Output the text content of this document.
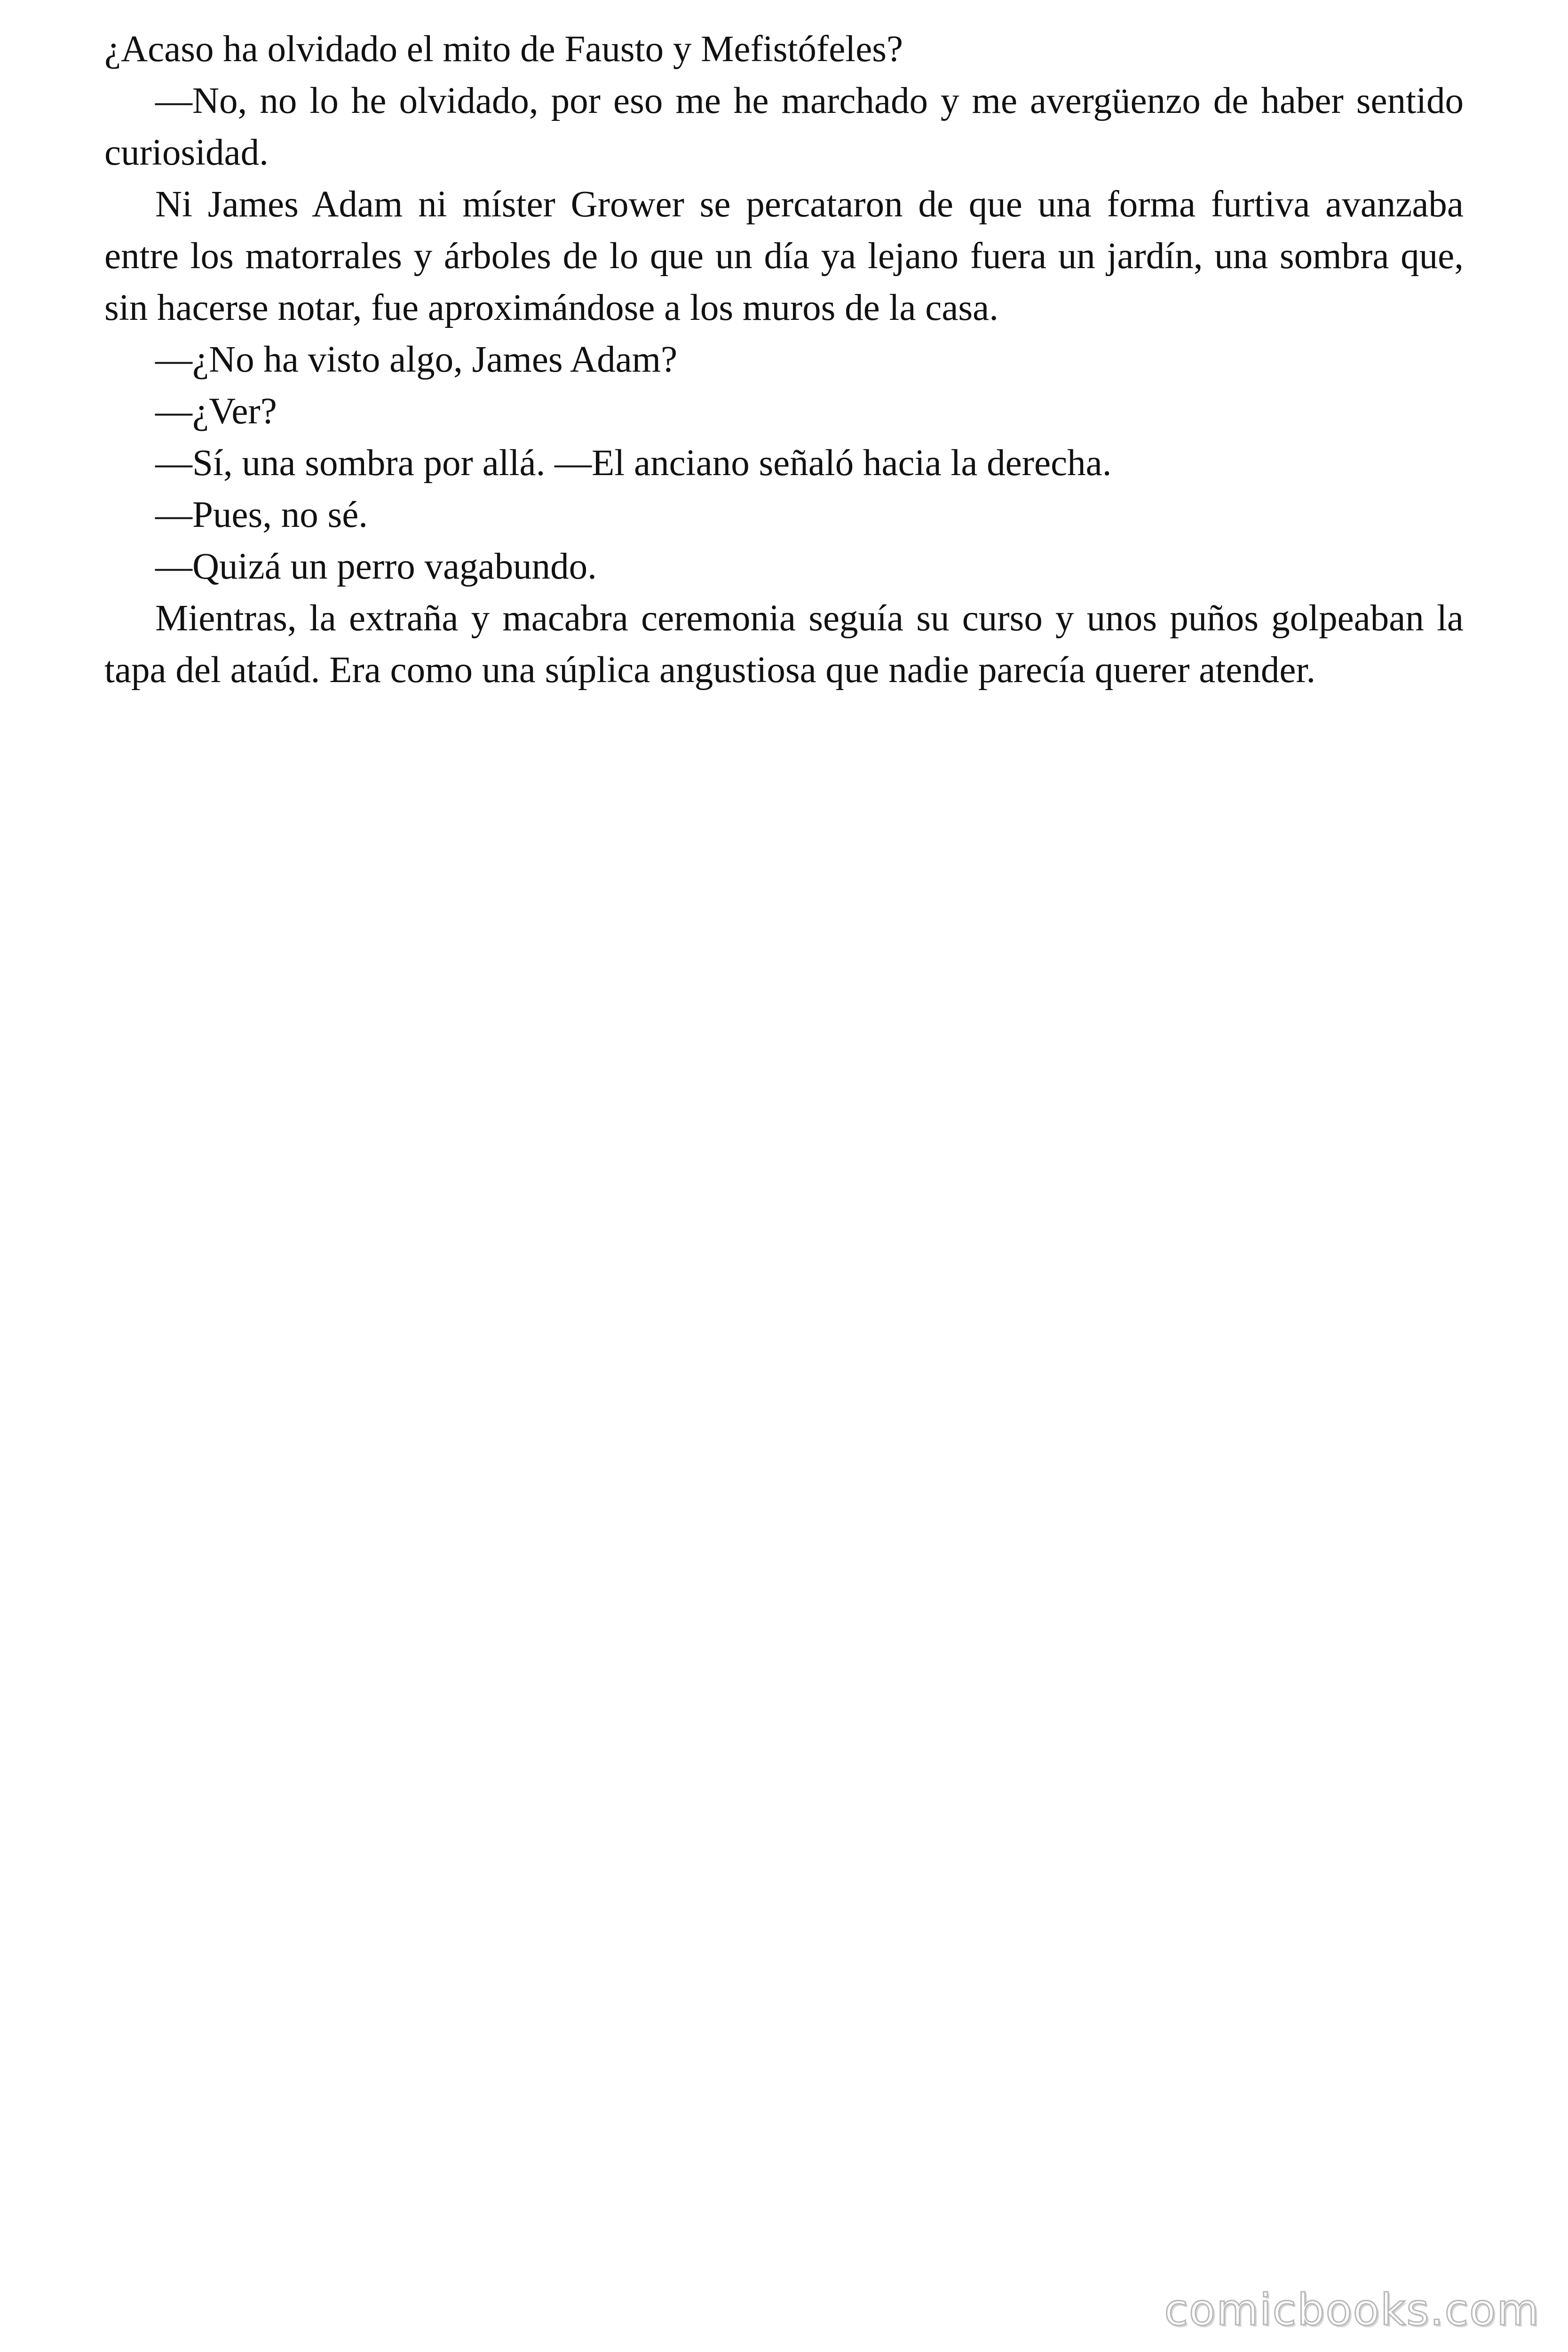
¿Acaso ha olvidado el mito de Fausto y Mefistófeles?

—No, no lo he olvidado, por eso me he marchado y me avergüenzo de haber sentido curiosidad.

Ni James Adam ni míster Grower se percataron de que una forma furtiva avanzaba entre los matorrales y árboles de lo que un día ya lejano fuera un jardín, una sombra que, sin hacerse notar, fue aproximándose a los muros de la casa.

—¿No ha visto algo, James Adam?

—¿Ver?

—Sí, una sombra por allá. —El anciano señaló hacia la derecha.

—Pues, no sé.

—Quizá un perro vagabundo.

Mientras, la extraña y macabra ceremonia seguía su curso y unos puños golpeaban la tapa del ataúd. Era como una súplica angustiosa que nadie parecía querer atender.

comicbooks.com
